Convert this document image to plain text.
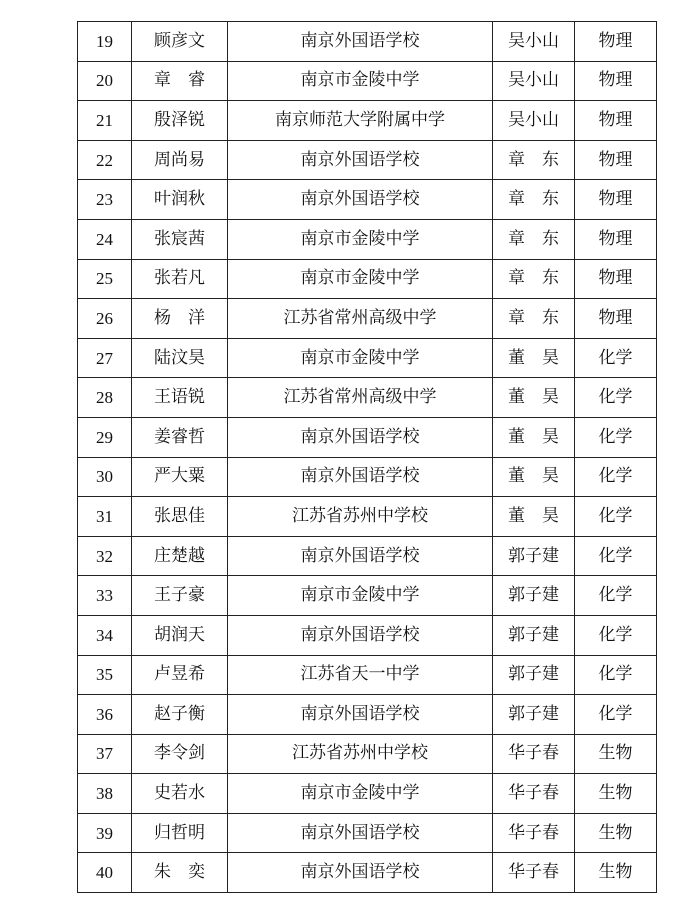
19	顾彦文	南京外国语学校	吴小山	物理
20	章　睿	南京市金陵中学	吴小山	物理
21	殷泽锐	南京师范大学附属中学	吴小山	物理
22	周尚易	南京外国语学校	章　东	物理
23	叶润秋	南京外国语学校	章　东	物理
24	张宸茜	南京市金陵中学	章　东	物理
25	张若凡	南京市金陵中学	章　东	物理
26	杨　洋	江苏省常州高级中学	章　东	物理
27	陆汶昊	南京市金陵中学	董　昊	化学
28	王语锐	江苏省常州高级中学	董　昊	化学
29	姜睿哲	南京外国语学校	董　昊	化学
30	严大粟	南京外国语学校	董　昊	化学
31	张思佳	江苏省苏州中学校	董　昊	化学
32	庄楚越	南京外国语学校	郭子建	化学
33	王子豪	南京市金陵中学	郭子建	化学
34	胡润天	南京外国语学校	郭子建	化学
35	卢昱希	江苏省天一中学	郭子建	化学
36	赵子衡	南京外国语学校	郭子建	化学
37	李令剑	江苏省苏州中学校	华子春	生物
38	史若水	南京市金陵中学	华子春	生物
39	归哲明	南京外国语学校	华子春	生物
40	朱　奕	南京外国语学校	华子春	生物
